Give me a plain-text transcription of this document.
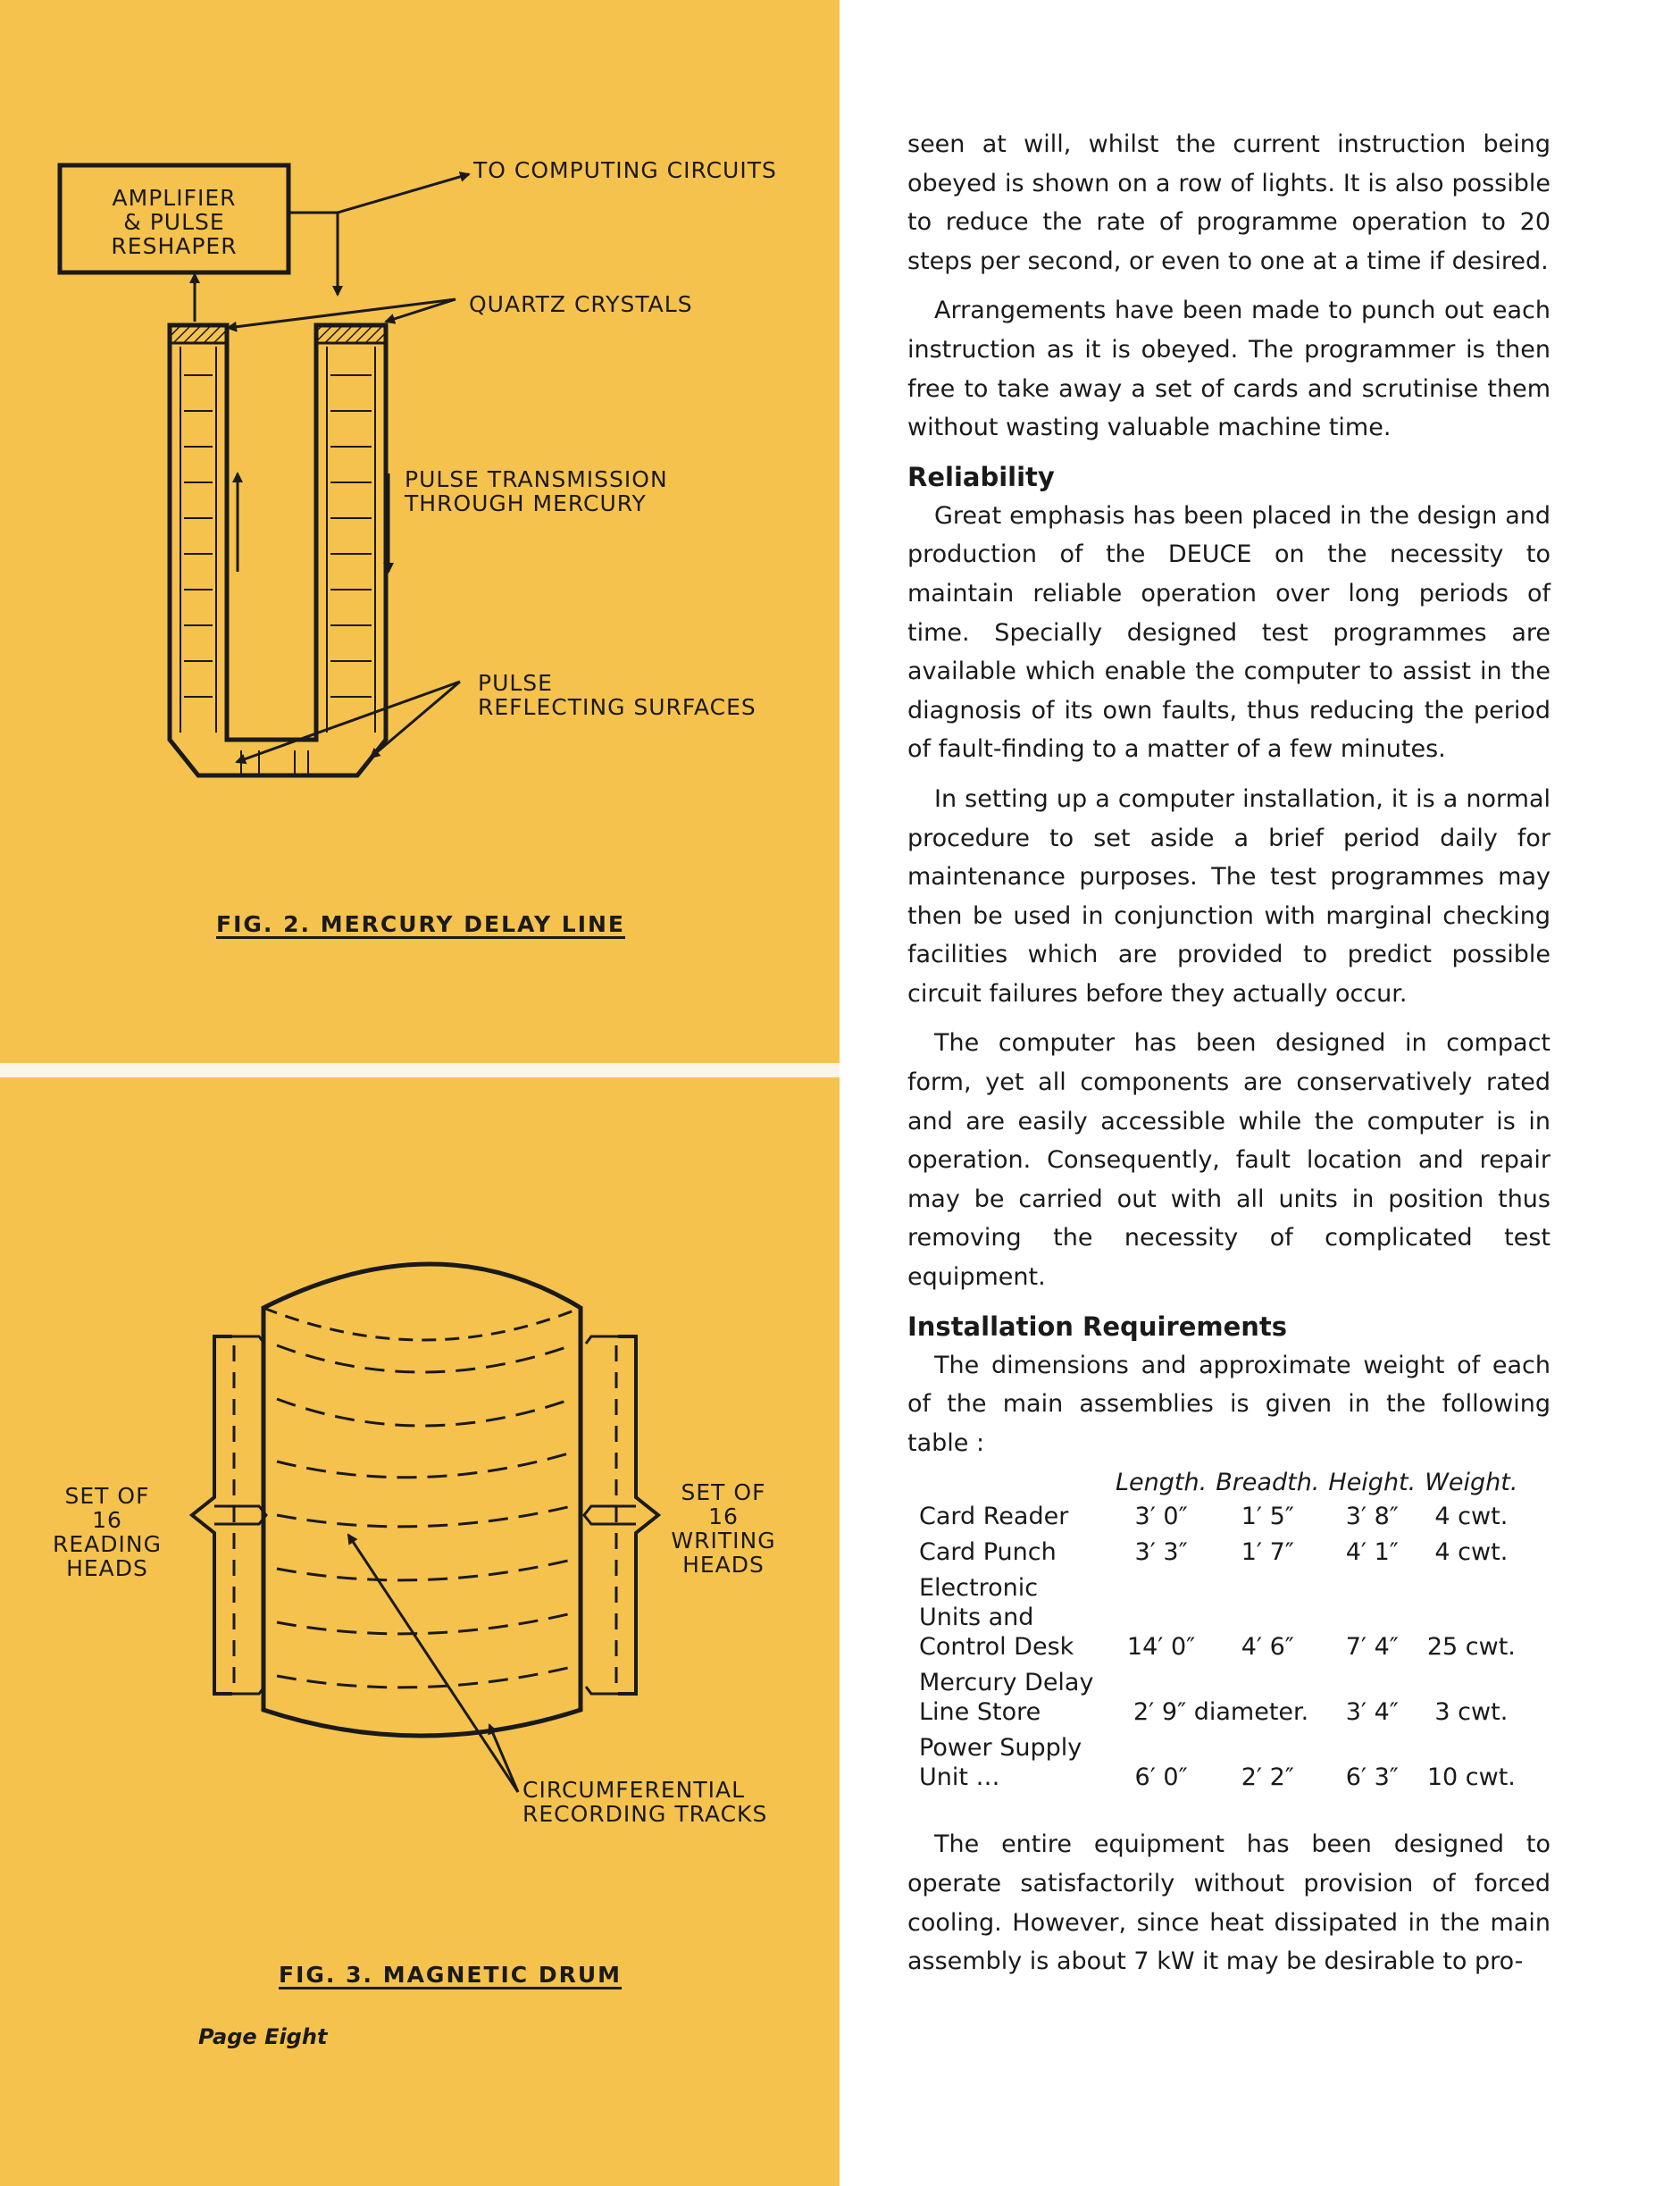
AMPLIFIER
& PULSE
RESHAPER
TO COMPUTING CIRCUITS
QUARTZ CRYSTALS
PULSE TRANSMISSION
THROUGH MERCURY
PULSE
REFLECTING SURFACES
FIG. 2. MERCURY DELAY LINE
SET OF
16
READING
HEADS
SET OF
16
WRITING
HEADS
CIRCUMFERENTIAL
RECORDING TRACKS
FIG. 3. MAGNETIC DRUM
Page Eight

seen at will, whilst the current instruction being obeyed is shown on a row of lights. It is also possible to reduce the rate of programme operation to 20 steps per second, or even to one at a time if desired.

Arrangements have been made to punch out each instruction as it is obeyed. The programmer is then free to take away a set of cards and scrutinise them without wasting valuable machine time.

Reliability

Great emphasis has been placed in the design and production of the DEUCE on the necessity to maintain reliable operation over long periods of time. Specially designed test programmes are available which enable the computer to assist in the diagnosis of its own faults, thus reducing the period of fault-finding to a matter of a few minutes.

In setting up a computer installation, it is a normal procedure to set aside a brief period daily for maintenance purposes. The test programmes may then be used in conjunction with marginal checking facilities which are provided to predict possible circuit failures before they actually occur.

The computer has been designed in compact form, yet all components are conservatively rated and are easily accessible while the computer is in operation. Consequently, fault location and repair may be carried out with all units in position thus removing the necessity of complicated test equipment.

Installation Requirements

The dimensions and approximate weight of each of the main assemblies is given in the following table :

	Length.	Breadth.	Height.	Weight.
Card Reader	3′ 0″	1′ 5″	3′ 8″	4 cwt.
Card Punch	3′ 3″	1′ 7″	4′ 1″	4 cwt.
Electronic
Units and
Control Desk	14′ 0″	4′ 6″	7′ 4″	25 cwt.
Mercury Delay
Line Store	2′ 9″ diameter.		3′ 4″	3 cwt.
Power Supply
Unit …	6′ 0″	2′ 2″	6′ 3″	10 cwt.

The entire equipment has been designed to operate satisfactorily without provision of forced cooling. However, since heat dissipated in the main assembly is about 7 kW it may be desirable to pro-
